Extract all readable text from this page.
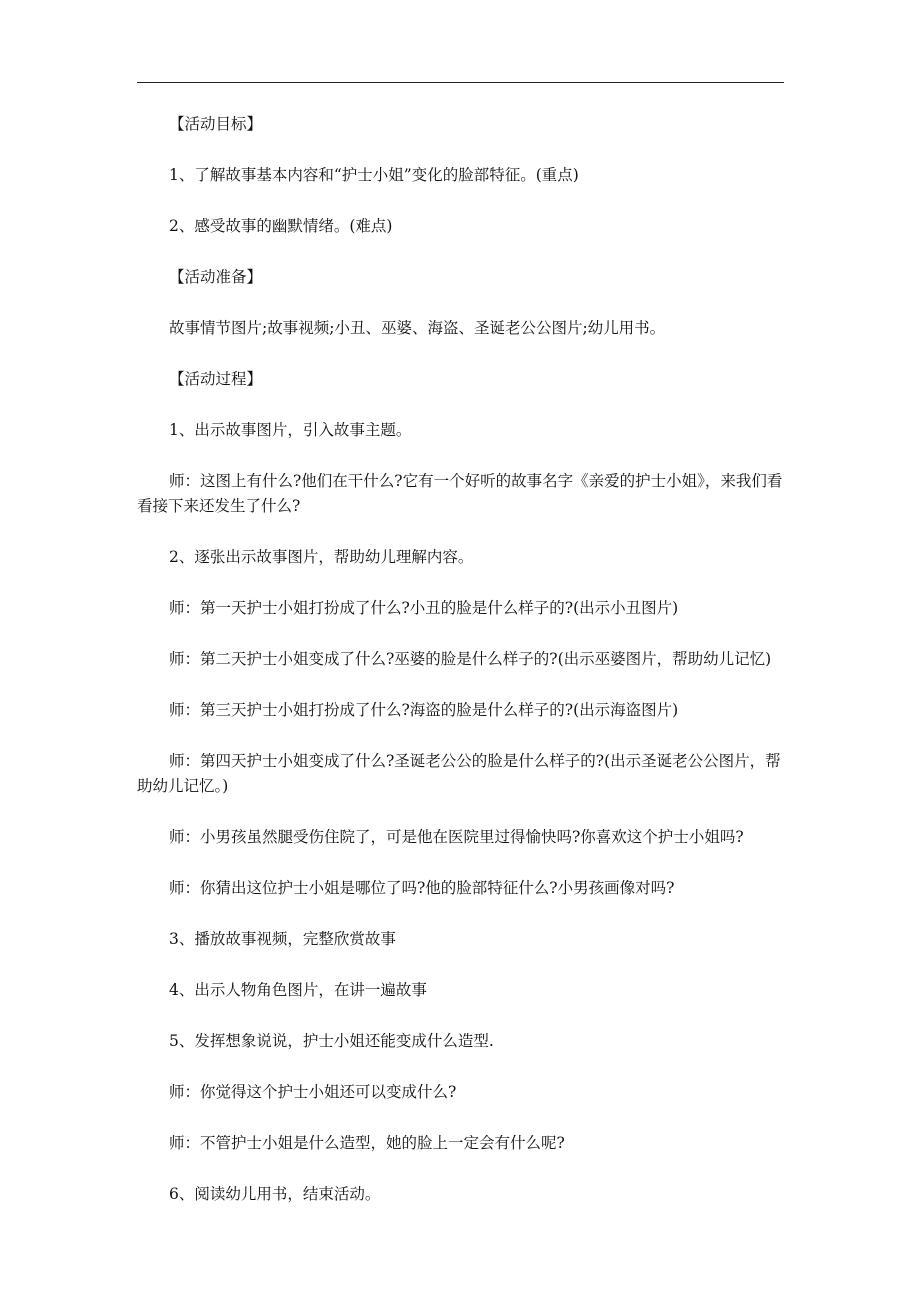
【活动目标】

1、了解故事基本内容和“护士小姐”变化的脸部特征。(重点)

2、感受故事的幽默情绪。(难点)

【活动准备】

故事情节图片;故事视频;小丑、巫婆、海盗、圣诞老公公图片;幼儿用书。

【活动过程】

1、出示故事图片，引入故事主题。

师：这图上有什么?他们在干什么?它有一个好听的故事名字《亲爱的护士小姐》，来我们看看接下来还发生了什么?

2、逐张出示故事图片，帮助幼儿理解内容。

师：第一天护士小姐打扮成了什么?小丑的脸是什么样子的?(出示小丑图片)

师：第二天护士小姐变成了什么?巫婆的脸是什么样子的?(出示巫婆图片，帮助幼儿记忆)

师：第三天护士小姐打扮成了什么?海盗的脸是什么样子的?(出示海盗图片)

师：第四天护士小姐变成了什么?圣诞老公公的脸是什么样子的?(出示圣诞老公公图片，帮助幼儿记忆。)

师：小男孩虽然腿受伤住院了，可是他在医院里过得愉快吗?你喜欢这个护士小姐吗?

师：你猜出这位护士小姐是哪位了吗?他的脸部特征什么?小男孩画像对吗?

3、播放故事视频，完整欣赏故事

4、出示人物角色图片，在讲一遍故事

5、发挥想象说说，护士小姐还能变成什么造型.

师：你觉得这个护士小姐还可以变成什么?

师：不管护士小姐是什么造型，她的脸上一定会有什么呢?

6、阅读幼儿用书，结束活动。
